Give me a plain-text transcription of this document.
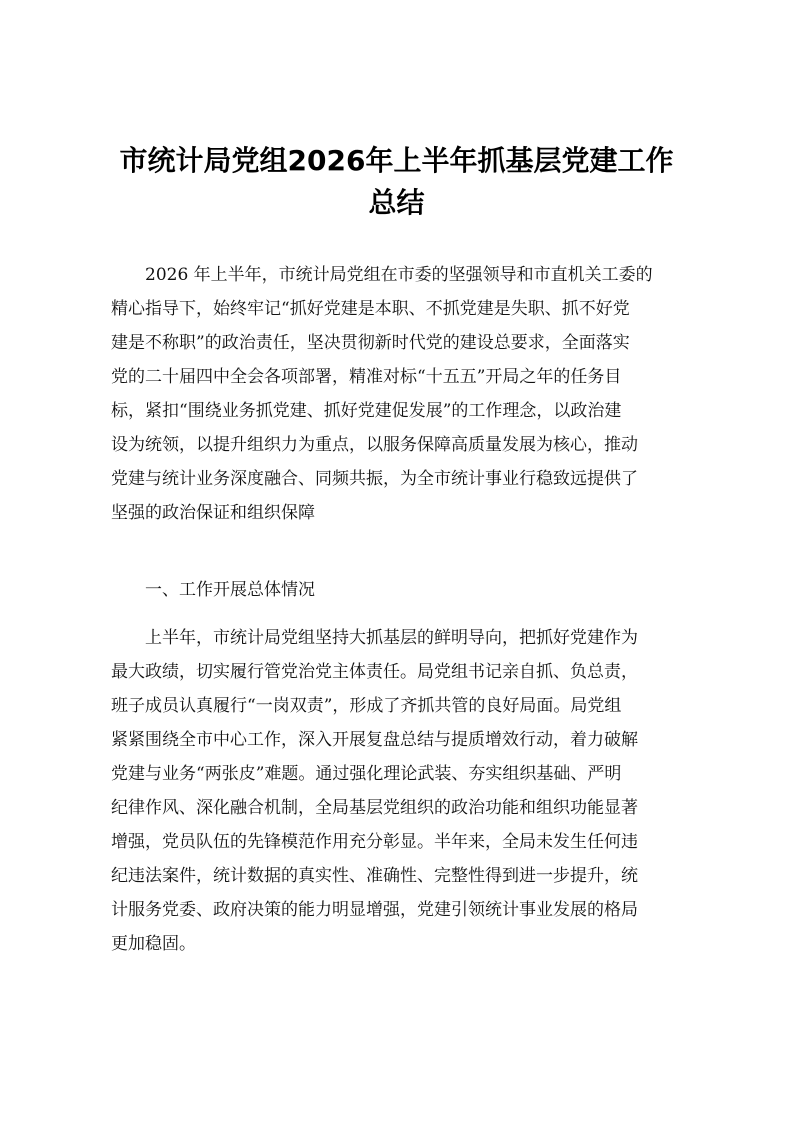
市统计局党组2026年上半年抓基层党建工作
总结

　　2026 年上半年，市统计局党组在市委的坚强领导和市直机关工委的
精心指导下，始终牢记“抓好党建是本职、不抓党建是失职、抓不好党
建是不称职”的政治责任，坚决贯彻新时代党的建设总要求，全面落实
党的二十届四中全会各项部署，精准对标“十五五”开局之年的任务目
标，紧扣“围绕业务抓党建、抓好党建促发展”的工作理念，以政治建
设为统领，以提升组织力为重点，以服务保障高质量发展为核心，推动
党建与统计业务深度融合、同频共振，为全市统计事业行稳致远提供了
坚强的政治保证和组织保障

　　一、工作开展总体情况

　　上半年，市统计局党组坚持大抓基层的鲜明导向，把抓好党建作为
最大政绩，切实履行管党治党主体责任。局党组书记亲自抓、负总责，
班子成员认真履行“一岗双责”，形成了齐抓共管的良好局面。局党组
紧紧围绕全市中心工作，深入开展复盘总结与提质增效行动，着力破解
党建与业务“两张皮”难题。通过强化理论武装、夯实组织基础、严明
纪律作风、深化融合机制，全局基层党组织的政治功能和组织功能显著
增强，党员队伍的先锋模范作用充分彰显。半年来，全局未发生任何违
纪违法案件，统计数据的真实性、准确性、完整性得到进一步提升，统
计服务党委、政府决策的能力明显增强，党建引领统计事业发展的格局
更加稳固。
